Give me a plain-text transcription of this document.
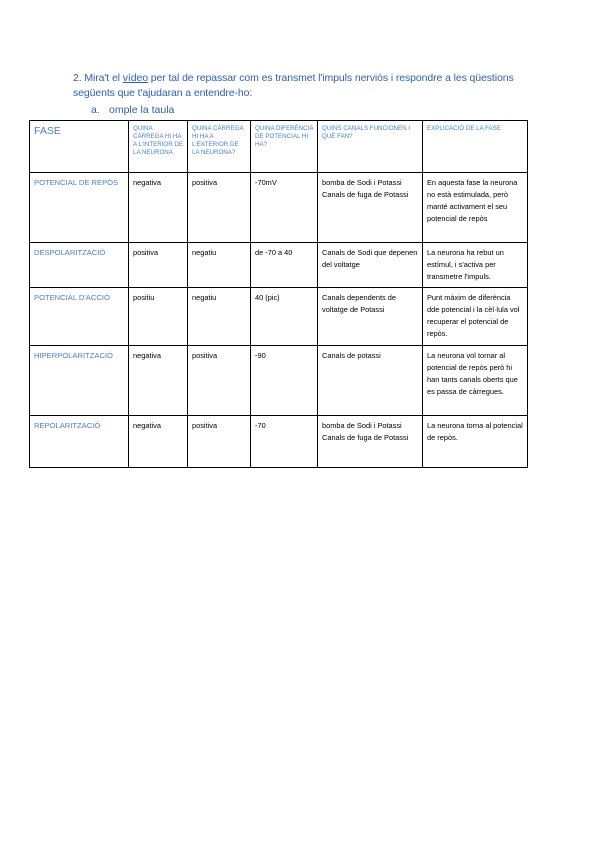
2. Mira't el vídeo per tal de repassar com es transmet l'impuls nerviós i respondre a les qüestions següents que t'ajudaran a entendre-ho:
a. omple la taula
FASE	QUINA CÀRREGA HI HA A L'INTERIOR DE LA NEURONA	QUINA CÀRREGA HI HA A L'EXTERIOR DE LA NEURONA?	QUINA DIFERÈNCIA DE POTENCIAL HI HA?	QUINS CANALS FUNCIONEN I QUÈ FAN?	EXPLICACIÓ DE LA FASE
POTENCIAL DE REPÒS	negativa	positiva	-70mV	bomba de Sodi i Potassi Canals de fuga de Potassi	En aquesta fase la neurona no està estimulada, però manté activament el seu potencial de repòs
DESPOLARITZACIÓ	positiva	negatiu	de -70 a 40	Canals de Sodi que depenen del voltatge	La neurona ha rebut un estímul, i s'activa per transmetre l'impuls.
POTENCIAL D'ACCIÓ	positiu	negatiu	40 (pic)	Canals dependents de voltatge de Potassi	Punt màxim de diferència dde potencial i la cèl·lula vol recuperar el potencial de repòs.
HIPERPOLARITZACIÓ	negativa	positiva	-90	Canals de potassi	La neurona vol tornar al potencial de repòs però hi han tants canals oberts que es passa de càrregues.
REPOLARITZACIÓ	negativa	positiva	-70	bomba de Sodi i Potassi Canals de fuga de Potassi	La neurona torna al potencial de repòs.
